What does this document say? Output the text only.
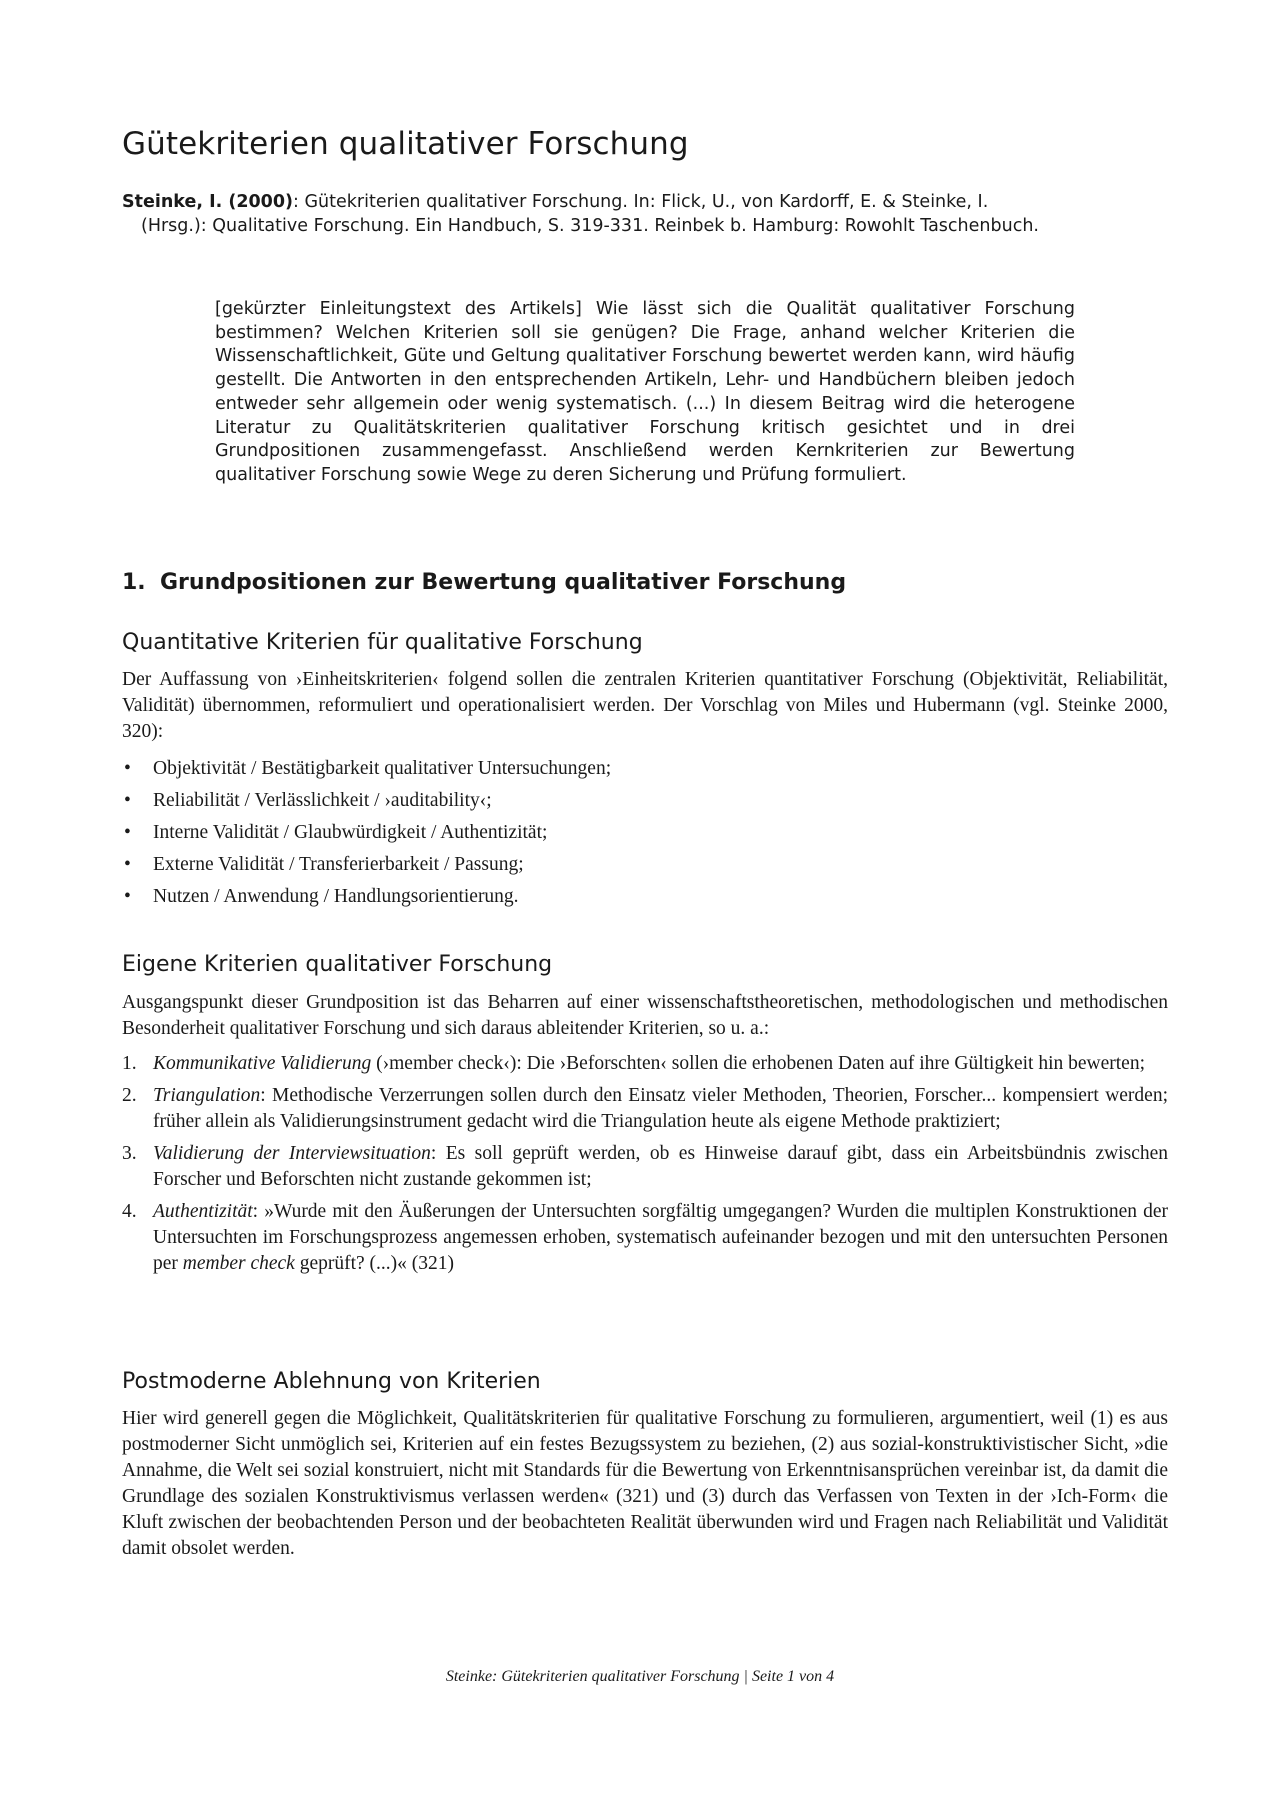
Gütekriterien qualitativer Forschung

Steinke, I. (2000): Gütekriterien qualitativer Forschung. In: Flick, U., von Kardorff, E. & Steinke, I.
(Hrsg.): Qualitative Forschung. Ein Handbuch, S. 319-331. Reinbek b. Hamburg: Rowohlt Taschenbuch.

[gekürzter Einleitungstext des Artikels] Wie lässt sich die Qualität qualitativer Forschung bestimmen? Welchen Kriterien soll sie genügen? Die Frage, anhand welcher Kriterien die Wissenschaftlichkeit, Güte und Geltung qualitativer Forschung bewertet werden kann, wird häufig gestellt. Die Antworten in den entsprechenden Artikeln, Lehr- und Handbüchern bleiben jedoch entweder sehr allgemein oder wenig systematisch. (...) In diesem Beitrag wird die heterogene Literatur zu Qualitätskriterien qualitativer Forschung kritisch gesichtet und in drei Grundpositionen zusammengefasst. Anschließend werden Kernkriterien zur Bewertung qualitativer Forschung sowie Wege zu deren Sicherung und Prüfung formuliert.

1. Grundpositionen zur Bewertung qualitativer Forschung
Quantitative Kriterien für qualitative Forschung

Der Auffassung von ›Einheitskriterien‹ folgend sollen die zentralen Kriterien quantitativer Forschung (Objektivität, Reliabilität, Validität) übernommen, reformuliert und operationalisiert werden. Der Vorschlag von Miles und Hubermann (vgl. Steinke 2000, 320):

• Objektivität / Bestätigbarkeit qualitativer Untersuchungen;
• Reliabilität / Verlässlichkeit / ›auditability‹;
• Interne Validität / Glaubwürdigkeit / Authentizität;
• Externe Validität / Transferierbarkeit / Passung;
• Nutzen / Anwendung / Handlungsorientierung.
Eigene Kriterien qualitativer Forschung

Ausgangspunkt dieser Grundposition ist das Beharren auf einer wissenschaftstheoretischen, methodologischen und methodischen Besonderheit qualitativer Forschung und sich daraus ableitender Kriterien, so u. a.:

1. Kommunikative Validierung (›member check‹): Die ›Beforschten‹ sollen die erhobenen Daten auf ihre Gültigkeit hin bewerten;
2. Triangulation: Methodische Verzerrungen sollen durch den Einsatz vieler Methoden, Theorien, Forscher... kompensiert werden; früher allein als Validierungsinstrument gedacht wird die Triangulation heute als eigene Methode praktiziert;
3. Validierung der Interviewsituation: Es soll geprüft werden, ob es Hinweise darauf gibt, dass ein Arbeitsbündnis zwischen Forscher und Beforschten nicht zustande gekommen ist;
4. Authentizität: »Wurde mit den Äußerungen der Untersuchten sorgfältig umgegangen? Wurden die multiplen Konstruktionen der Untersuchten im Forschungsprozess angemessen erhoben, systematisch aufeinander bezogen und mit den untersuchten Personen per member check geprüft? (...)« (321)
Postmoderne Ablehnung von Kriterien

Hier wird generell gegen die Möglichkeit, Qualitätskriterien für qualitative Forschung zu formulieren, argumentiert, weil (1) es aus postmoderner Sicht unmöglich sei, Kriterien auf ein festes Bezugssystem zu beziehen, (2) aus sozial-konstruktivistischer Sicht, »die Annahme, die Welt sei sozial konstruiert, nicht mit Standards für die Bewertung von Erkenntnisansprüchen vereinbar ist, da damit die Grundlage des sozialen Konstruktivismus verlassen werden« (321) und (3) durch das Verfassen von Texten in der ›Ich-Form‹ die Kluft zwischen der beobachtenden Person und der beobachteten Realität überwunden wird und Fragen nach Reliabilität und Validität damit obsolet werden.

Steinke: Gütekriterien qualitativer Forschung | Seite 1 von 4
